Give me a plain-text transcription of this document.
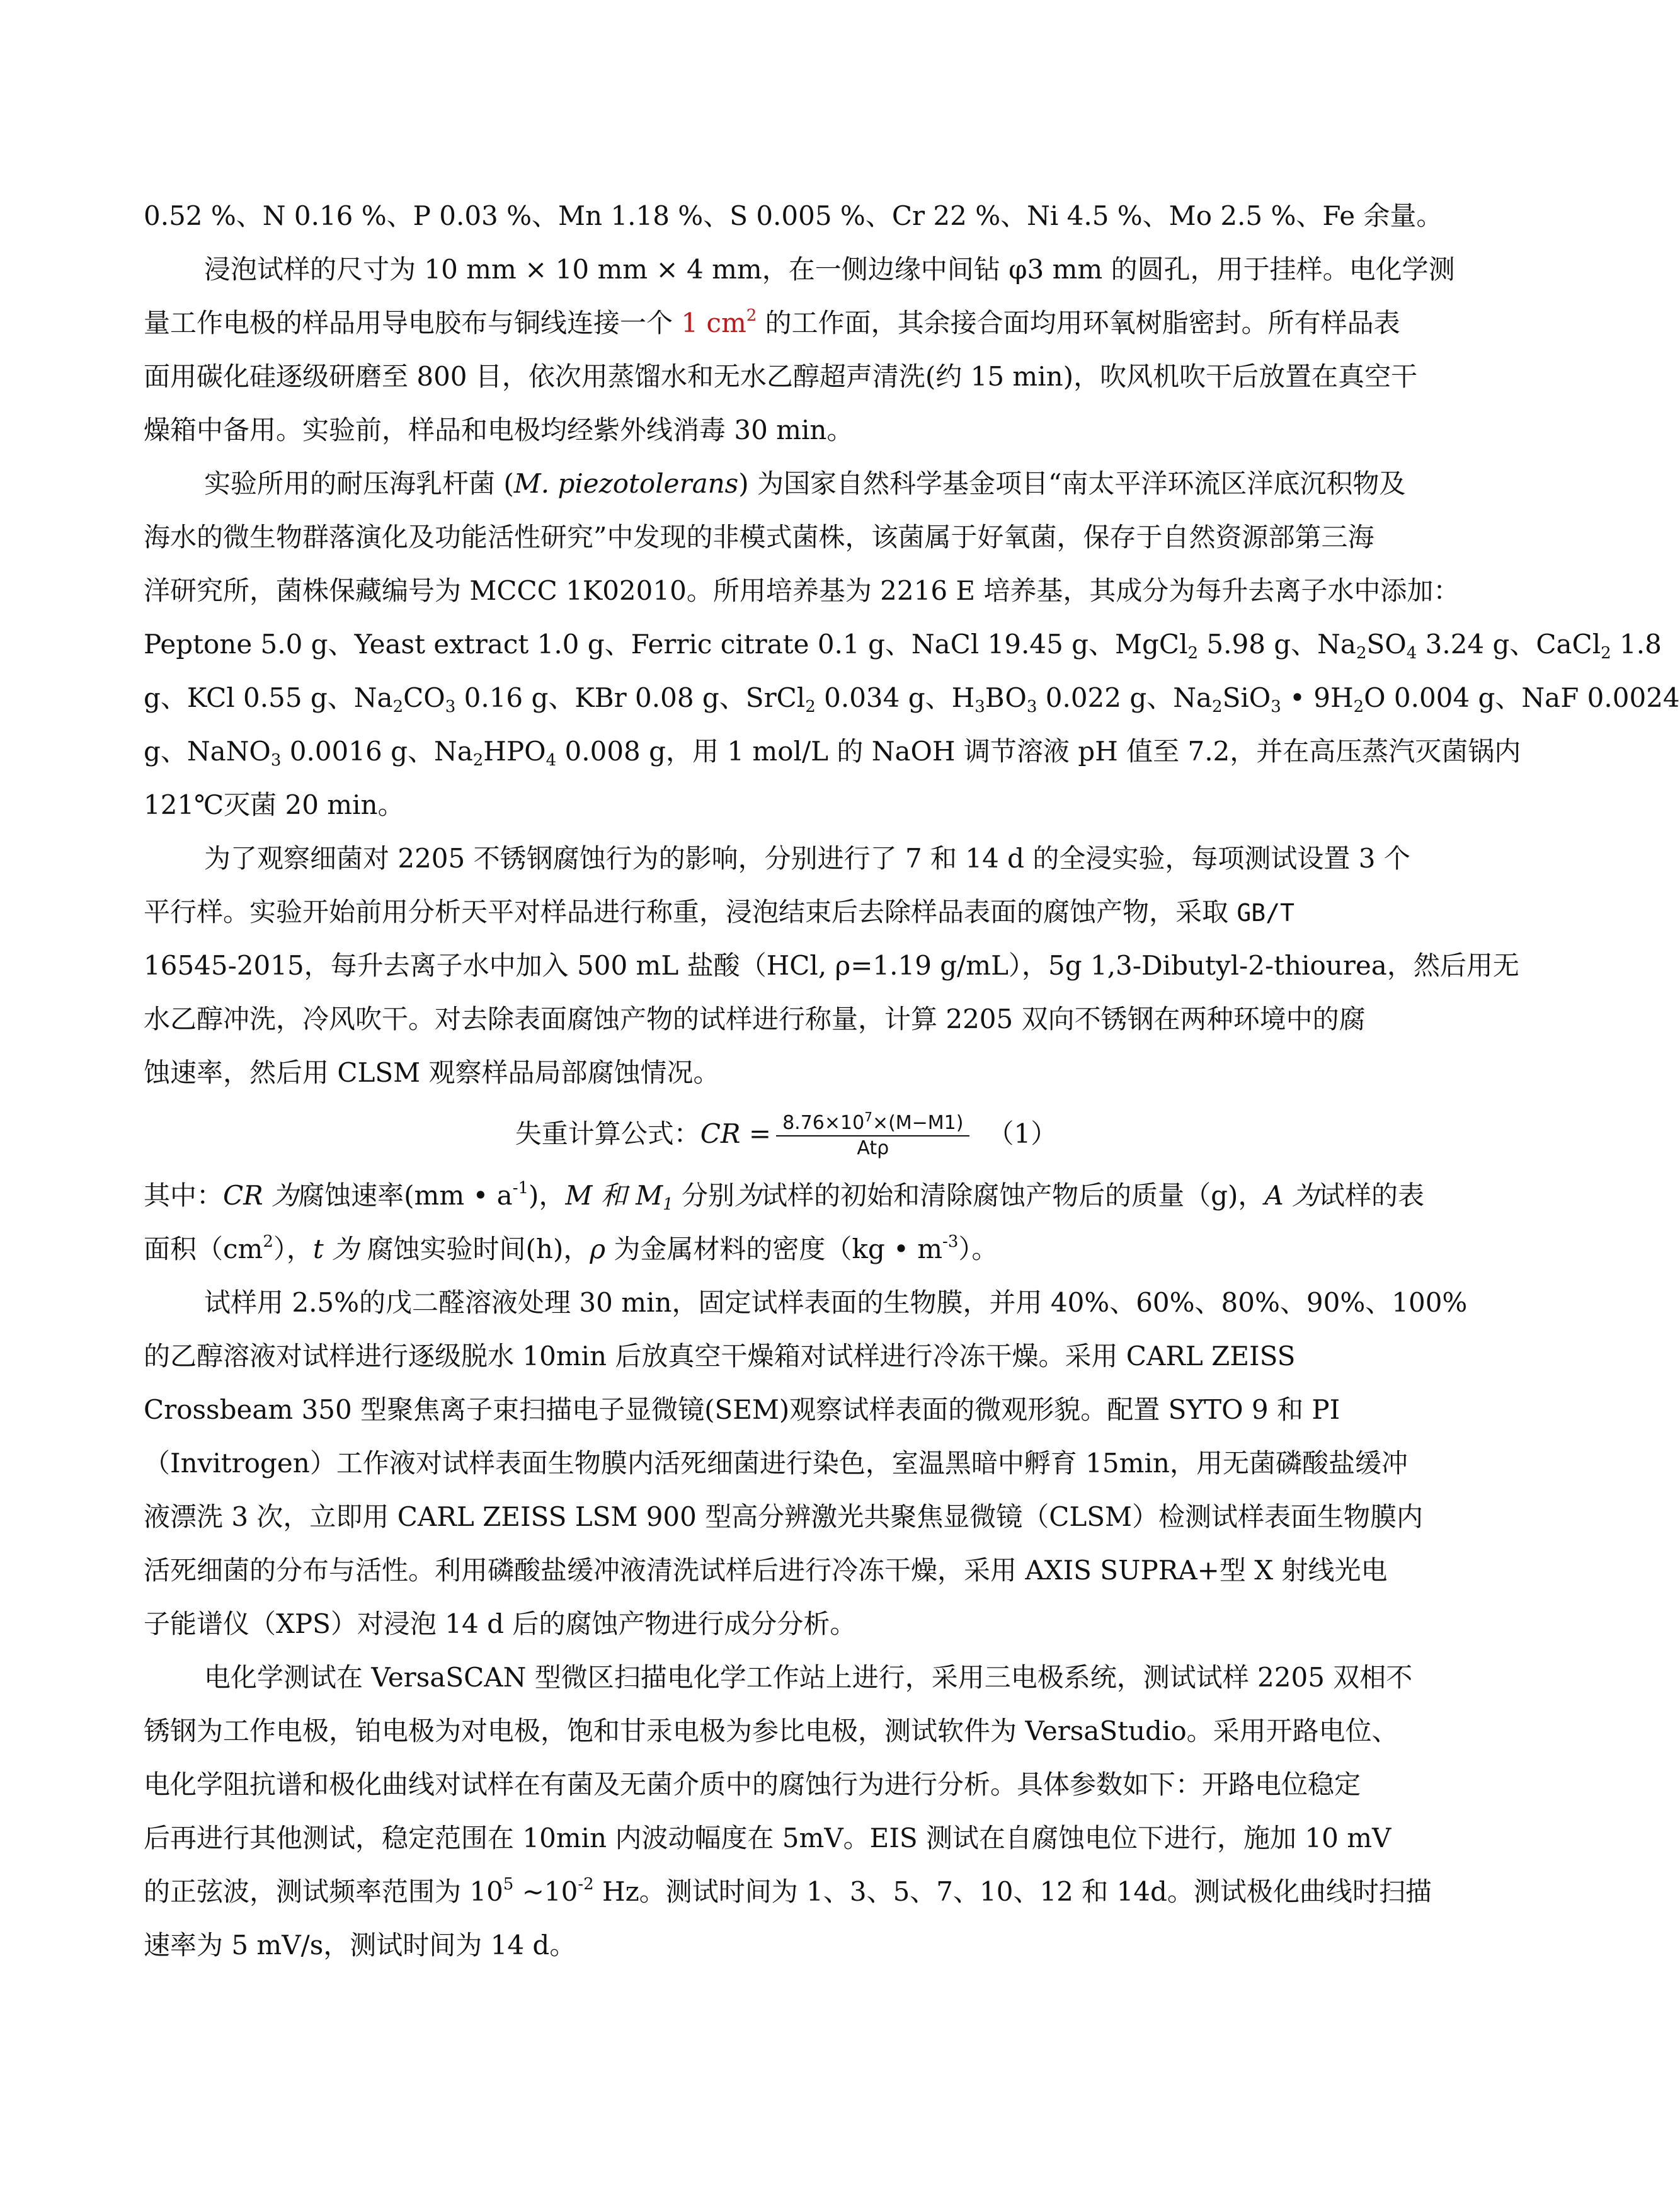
0.52 %、N 0.16 %、P 0.03 %、Mn 1.18 %、S 0.005 %、Cr 22 %、Ni 4.5 %、Mo 2.5 %、Fe 余量。
浸泡试样的尺寸为 10 mm × 10 mm × 4 mm，在一侧边缘中间钻 φ3 mm 的圆孔，用于挂样。电化学测
量工作电极的样品用导电胶布与铜线连接一个 1 $cm^2$ 的工作面，其余接合面均用环氧树脂密封。所有样品表
面用碳化硅逐级研磨至 800 目，依次用蒸馏水和无水乙醇超声清洗(约 15 min)，吹风机吹干后放置在真空干
燥箱中备用。实验前，样品和电极均经紫外线消毒 30 min。
实验所用的耐压海乳杆菌 (M. piezotolerans) 为国家自然科学基金项目“南太平洋环流区洋底沉积物及
海水的微生物群落演化及功能活性研究”中发现的非模式菌株，该菌属于好氧菌，保存于自然资源部第三海
洋研究所，菌株保藏编号为 MCCC 1K02010。所用培养基为 2216 E 培养基，其成分为每升去离子水中添加：
Peptone 5.0 g、Yeast extract 1.0 g、Ferric citrate 0.1 g、NaCl 19.45 g、MgCl$_2$ 5.98 g、$Na_2SO_4$ 3.24 g、CaCl$_2$ 1.8
g、KCl 0.55 g、$Na_2CO_3$ 0.16 g、KBr 0.08 g、SrCl$_2$ 0.034 g、$H_3BO_3$ 0.022 g、$Na_2SiO_3$ • $9H_2O$ 0.004 g、NaF 0.0024
g、NaNO$_3$ 0.0016 g、$Na_2HPO_4$ 0.008 g，用 1 mol/L 的 NaOH 调节溶液 pH 值至 7.2，并在高压蒸汽灭菌锅内
121℃灭菌 20 min。
为了观察细菌对 2205 不锈钢腐蚀行为的影响，分别进行了 7 和 14 d 的全浸实验，每项测试设置 3 个
平行样。实验开始前用分析天平对样品进行称重，浸泡结束后去除样品表面的腐蚀产物，采取 GB/T
16545-2015，每升去离子水中加入 500 mL 盐酸（HCl, ρ=1.19 g/mL），5g 1,3-Dibutyl-2-thiourea，然后用无
水乙醇冲洗，冷风吹干。对去除表面腐蚀产物的试样进行称量，计算 2205 双向不锈钢在两种环境中的腐
蚀速率，然后用 CLSM 观察样品局部腐蚀情况。
失重计算公式：CR = $\frac{8.76\times 10^7\times(M-M1)}{\text{Atρ}} (1)$
其中：CR 为腐蚀速率(mm • $a^{-1}$)，M 和 $M_1$ 分别为试样的初始和清除腐蚀产物后的质量（g)，A 为试样的表
面积$(cm^2)$，t 为 腐蚀实验时间(h)，ρ 为金属材料的密度（kg • $m^{-3}$）。
试样用 2.5%的戊二醛溶液处理 30 min，固定试样表面的生物膜，并用 40%、60%、80%、90%、100%
的乙醇溶液对试样进行逐级脱水 10min 后放真空干燥箱对试样进行冷冻干燥。采用 CARL ZEISS
Crossbeam 350 型聚焦离子束扫描电子显微镜(SEM)观察试样表面的微观形貌。配置 SYTO 9 和 PI
（Invitrogen）工作液对试样表面生物膜内活死细菌进行染色，室温黑暗中孵育 15min，用无菌磷酸盐缓冲
液漂洗 3 次，立即用 CARL ZEISS LSM 900 型高分辨激光共聚焦显微镜（CLSM）检测试样表面生物膜内
活死细菌的分布与活性。利用磷酸盐缓冲液清洗试样后进行冷冻干燥，采用 AXIS SUPRA+型 X 射线光电
子能谱仪（XPS）对浸泡 14 d 后的腐蚀产物进行成分分析。
电化学测试在 VersaSCAN 型微区扫描电化学工作站上进行，采用三电极系统，测试试样 2205 双相不
锈钢为工作电极，铂电极为对电极，饱和甘汞电极为参比电极，测试软件为 VersaStudio。采用开路电位、
电化学阻抗谱和极化曲线对试样在有菌及无菌介质中的腐蚀行为进行分析。具体参数如下：开路电位稳定
后再进行其他测试，稳定范围在 10min 内波动幅度在 5mV。EIS 测试在自腐蚀电位下进行，施加 10 mV
的正弦波，测试频率范围为 $10^5$ $\sim 10^{-2}$ Hz。测试时间为 1、3、5、7、10、12 和 14d。测试极化曲线时扫描
速率为 5 mV/s，测试时间为 14 d。
